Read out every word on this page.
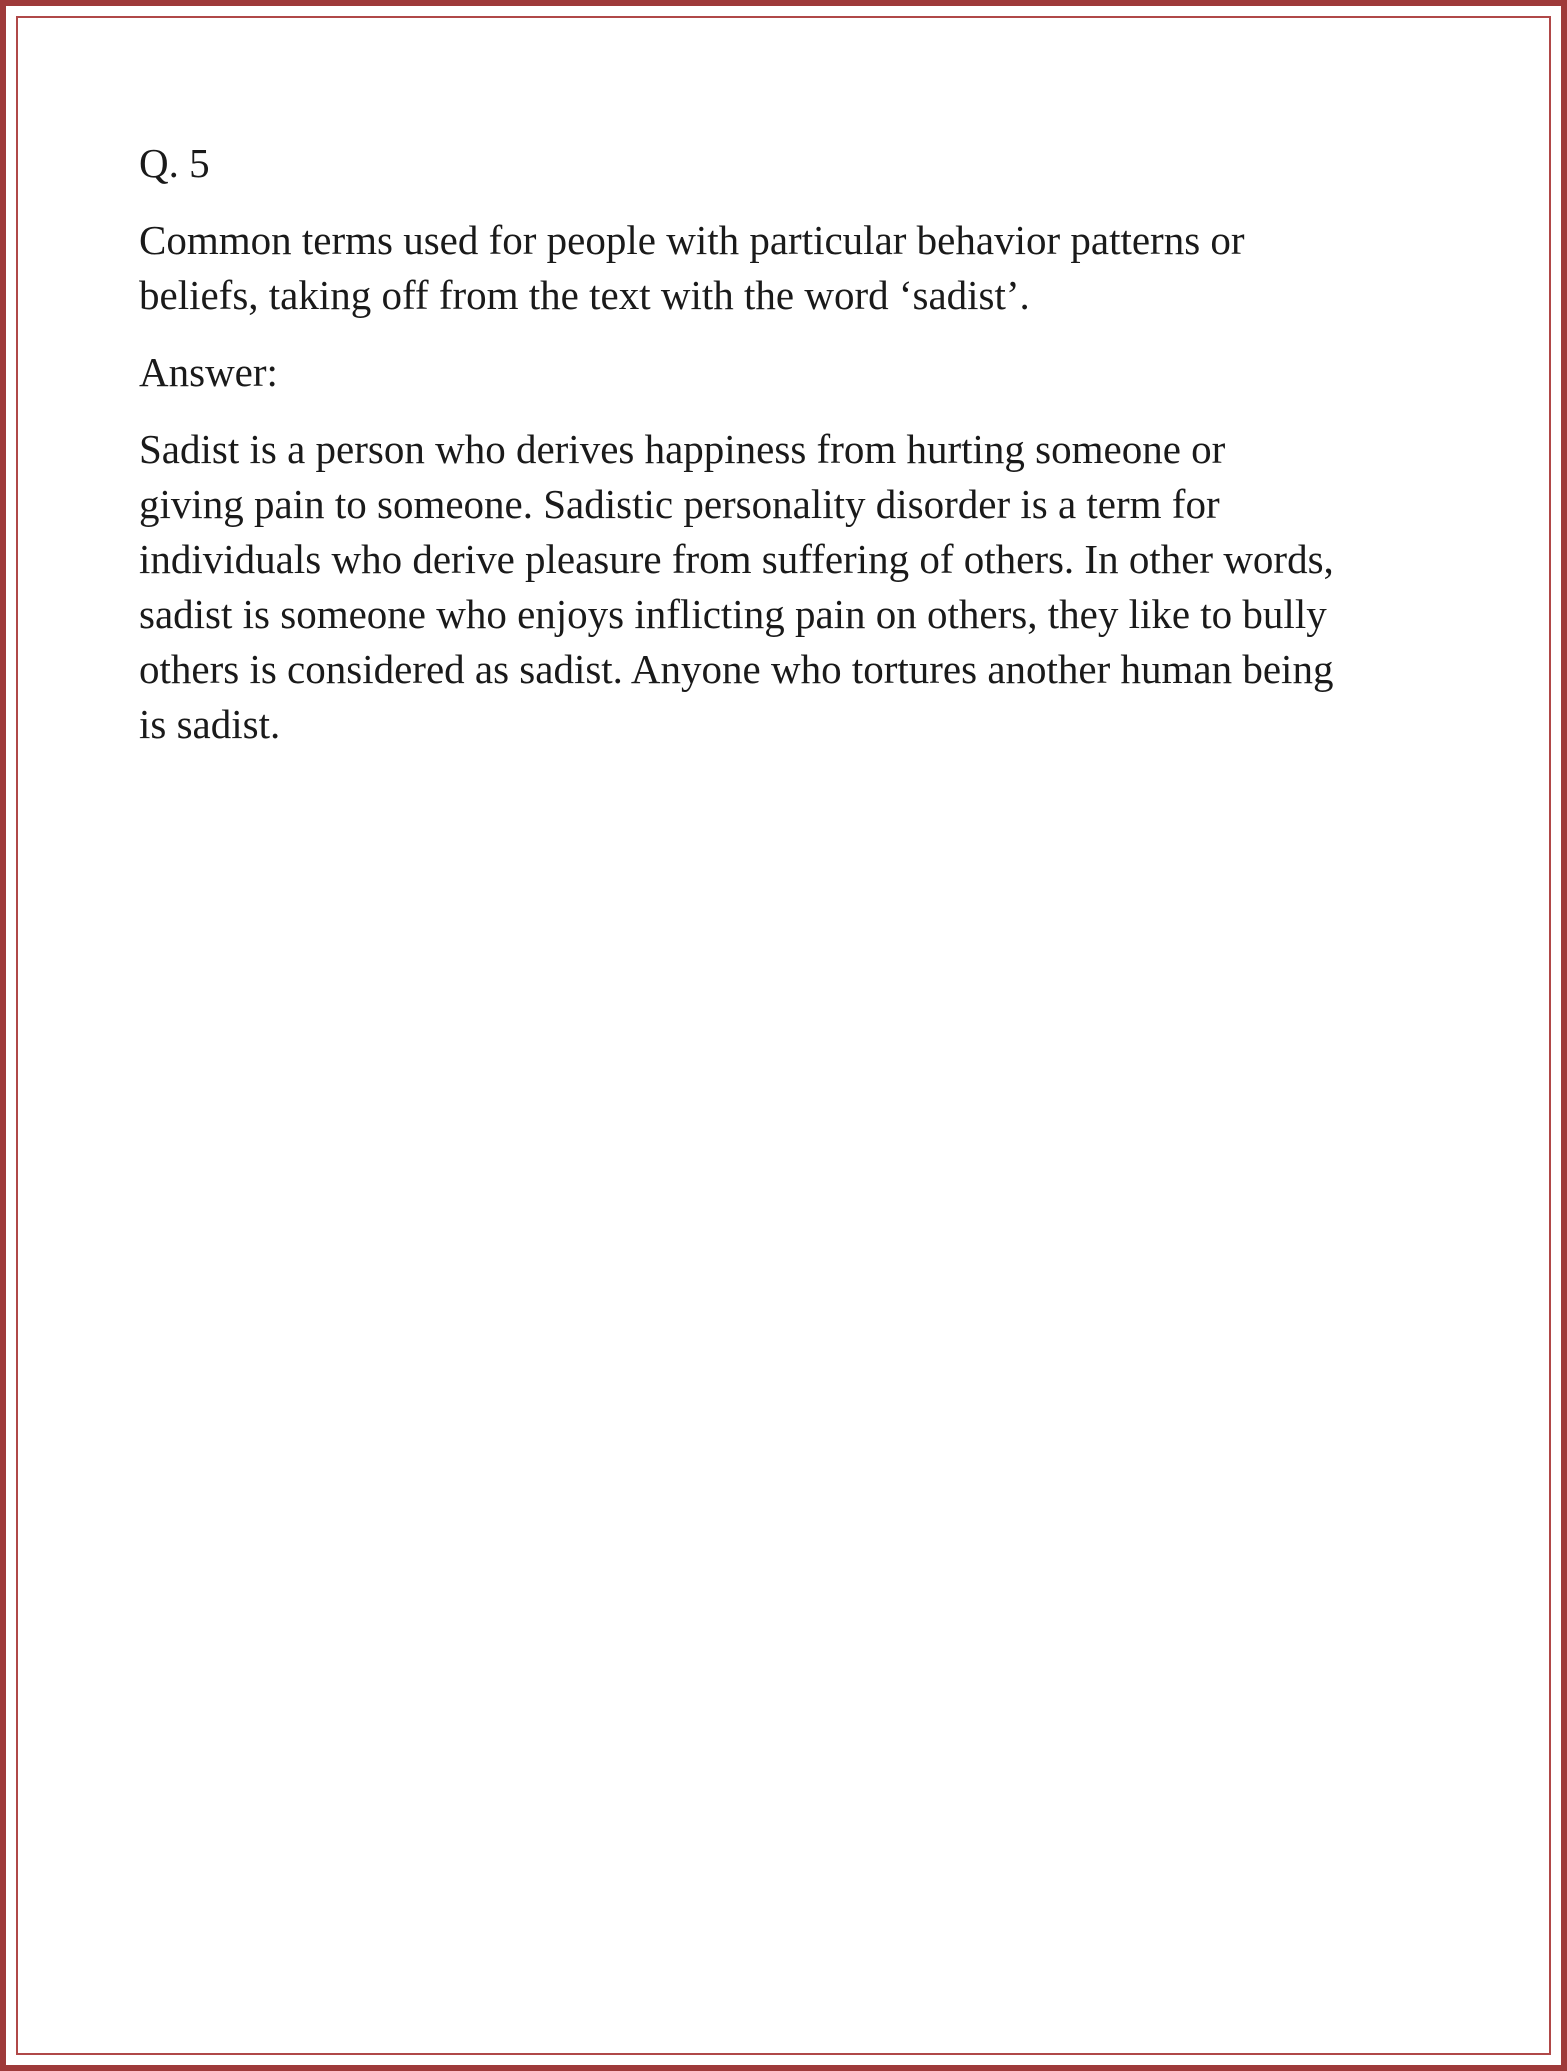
Q. 5

Common terms used for people with particular behavior patterns or
beliefs, taking off from the text with the word ‘sadist’.

Answer:

Sadist is a person who derives happiness from hurting someone or
giving pain to someone. Sadistic personality disorder is a term for
individuals who derive pleasure from suffering of others. In other words,
sadist is someone who enjoys inflicting pain on others, they like to bully
others is considered as sadist. Anyone who tortures another human being
is sadist.
